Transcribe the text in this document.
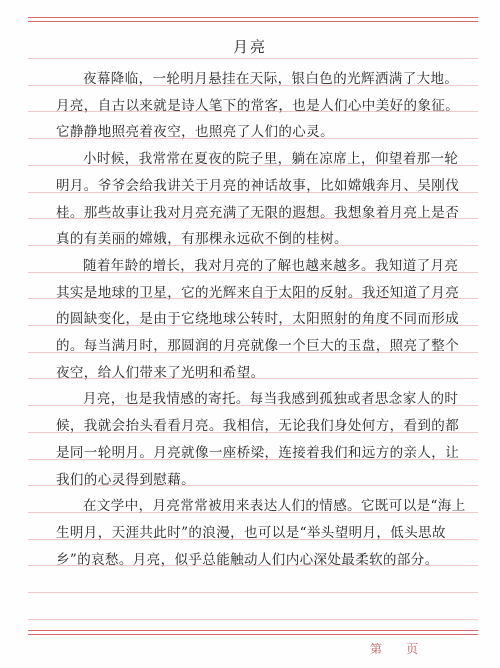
月亮

夜幕降临，一轮明月悬挂在天际，银白色的光辉洒满了大地。月亮，自古以来就是诗人笔下的常客，也是人们心中美好的象征。它静静地照亮着夜空，也照亮了人们的心灵。

小时候，我常常在夏夜的院子里，躺在凉席上，仰望着那一轮明月。爷爷会给我讲关于月亮的神话故事，比如嫦娥奔月、吴刚伐桂。那些故事让我对月亮充满了无限的遐想。我想象着月亮上是否真的有美丽的嫦娥，有那棵永远砍不倒的桂树。

随着年龄的增长，我对月亮的了解也越来越多。我知道了月亮其实是地球的卫星，它的光辉来自于太阳的反射。我还知道了月亮的圆缺变化，是由于它绕地球公转时，太阳照射的角度不同而形成的。每当满月时，那圆润的月亮就像一个巨大的玉盘，照亮了整个夜空，给人们带来了光明和希望。

月亮，也是我情感的寄托。每当我感到孤独或者思念家人的时候，我就会抬头看看月亮。我相信，无论我们身处何方，看到的都是同一轮明月。月亮就像一座桥梁，连接着我们和远方的亲人，让我们的心灵得到慰藉。

在文学中，月亮常常被用来表达人们的情感。它既可以是“海上生明月，天涯共此时”的浪漫，也可以是“举头望明月，低头思故乡”的哀愁。月亮，似乎总能触动人们内心深处最柔软的部分。

第页
